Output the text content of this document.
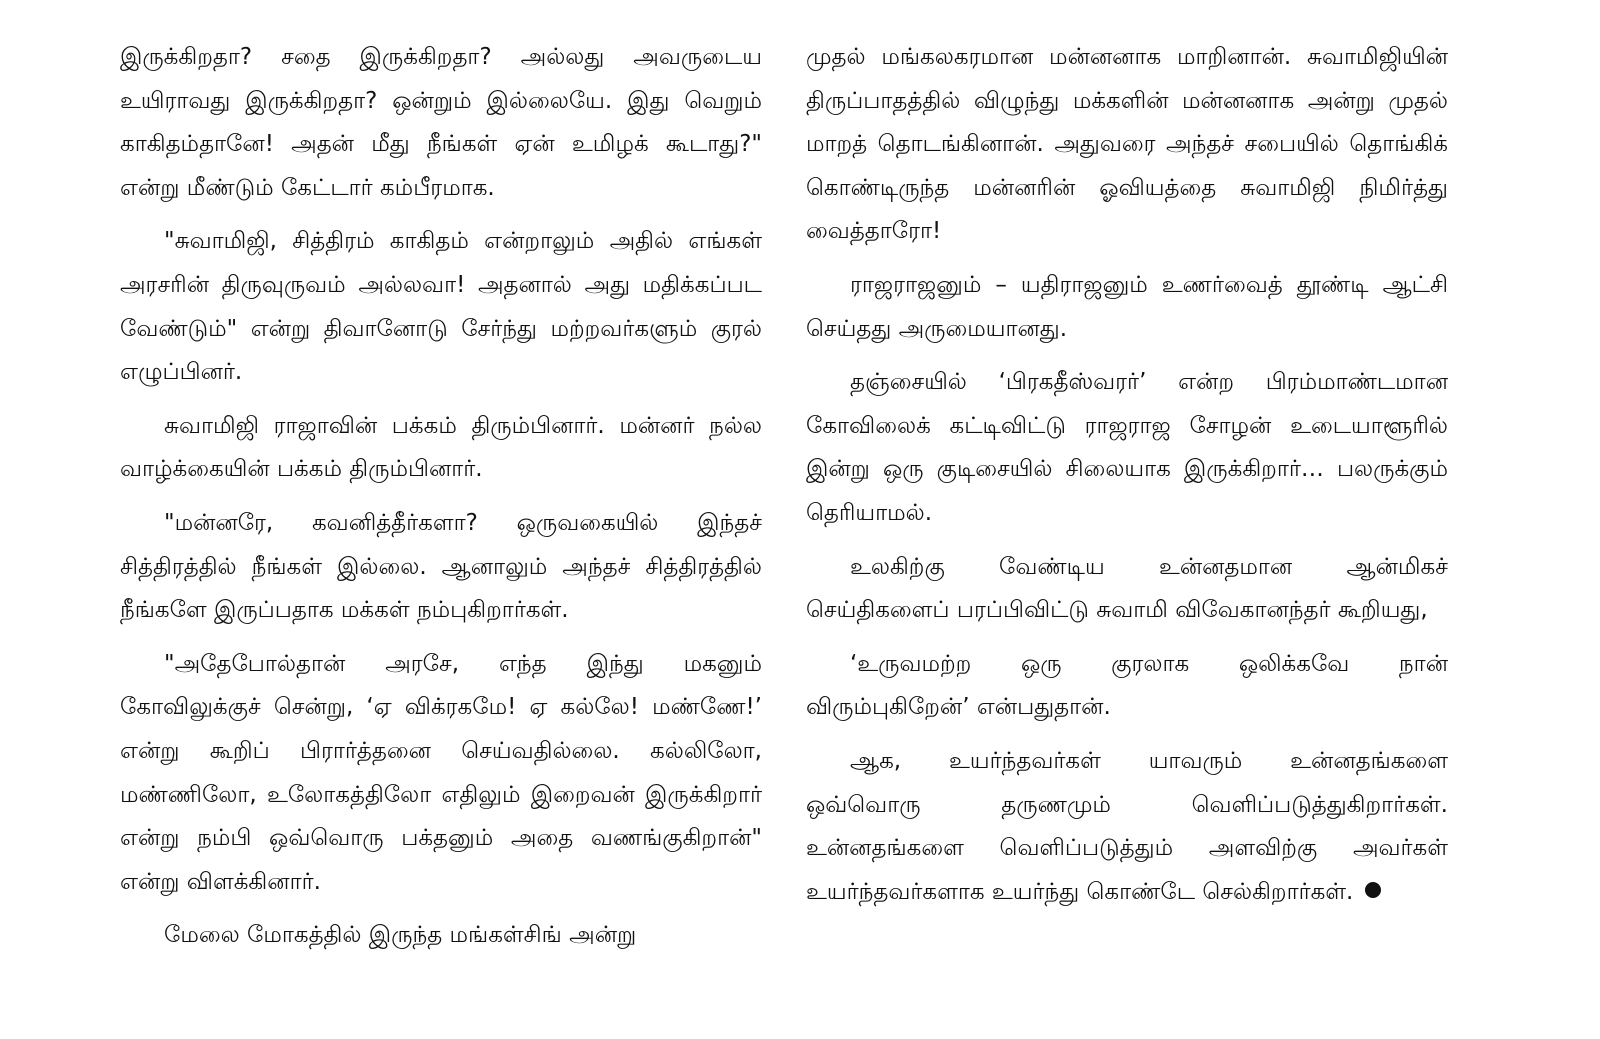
இருக்கிறதா? சதை இருக்கிறதா? அல்லது அவருடைய உயிராவது இருக்கிறதா? ஒன்றும் இல்லையே. இது வெறும் காகிதம்தானே! அதன் மீது நீங்கள் ஏன் உமிழக் கூடாது?" என்று மீண்டும் கேட்டார் கம்பீரமாக.

"சுவாமிஜி, சித்திரம் காகிதம் என்றாலும் அதில் எங்கள் அரசரின் திருவுருவம் அல்லவா! அதனால் அது மதிக்கப்பட வேண்டும்" என்று திவானோடு சேர்ந்து மற்றவர்களும் குரல் எழுப்பினர்.

சுவாமிஜி ராஜாவின் பக்கம் திரும்பினார். மன்னர் நல்ல வாழ்க்கையின் பக்கம் திரும்பினார்.

"மன்னரே, கவனித்தீர்களா? ஒருவகையில் இந்தச் சித்திரத்தில் நீங்கள் இல்லை. ஆனாலும் அந்தச் சித்திரத்தில் நீங்களே இருப்பதாக மக்கள் நம்புகிறார்கள்.

"அதேபோல்தான் அரசே, எந்த இந்து மகனும் கோவிலுக்குச் சென்று, ‘ஏ விக்ரகமே! ஏ கல்லே! மண்ணே!’ என்று கூறிப் பிரார்த்தனை செய்வதில்லை. கல்லிலோ, மண்ணிலோ, உலோகத்திலோ எதிலும் இறைவன் இருக்கிறார் என்று நம்பி ஒவ்வொரு பக்தனும் அதை வணங்குகிறான்" என்று விளக்கினார்.

மேலை மோகத்தில் இருந்த மங்கள்சிங் அன்று

முதல் மங்கலகரமான மன்னனாக மாறினான். சுவாமிஜியின் திருப்பாதத்தில் விழுந்து மக்களின் மன்னனாக அன்று முதல் மாறத் தொடங்கினான். அதுவரை அந்தச் சபையில் தொங்கிக் கொண்டிருந்த மன்னரின் ஓவியத்தை சுவாமிஜி நிமிர்த்து வைத்தாரோ!

ராஜராஜனும் – யதிராஜனும் உணர்வைத் தூண்டி ஆட்சி செய்தது அருமையானது.

தஞ்சையில் ‘பிரகதீஸ்வரர்’ என்ற பிரம்மாண்டமான கோவிலைக் கட்டிவிட்டு ராஜராஜ சோழன் உடையாளூரில் இன்று ஒரு குடிசையில் சிலையாக இருக்கிறார்… பலருக்கும் தெரியாமல்.

உலகிற்கு வேண்டிய உன்னதமான ஆன்மிகச் செய்திகளைப் பரப்பிவிட்டு சுவாமி விவேகானந்தர் கூறியது,

‘உருவமற்ற ஒரு குரலாக ஒலிக்கவே நான் விரும்புகிறேன்’ என்பதுதான்.

ஆக, உயர்ந்தவர்கள் யாவரும் உன்னதங்களை ஒவ்வொரு தருணமும் வெளிப்படுத்துகிறார்கள். உன்னதங்களை வெளிப்படுத்தும் அளவிற்கு அவர்கள் உயர்ந்தவர்களாக உயர்ந்து கொண்டே செல்கிறார்கள்.
